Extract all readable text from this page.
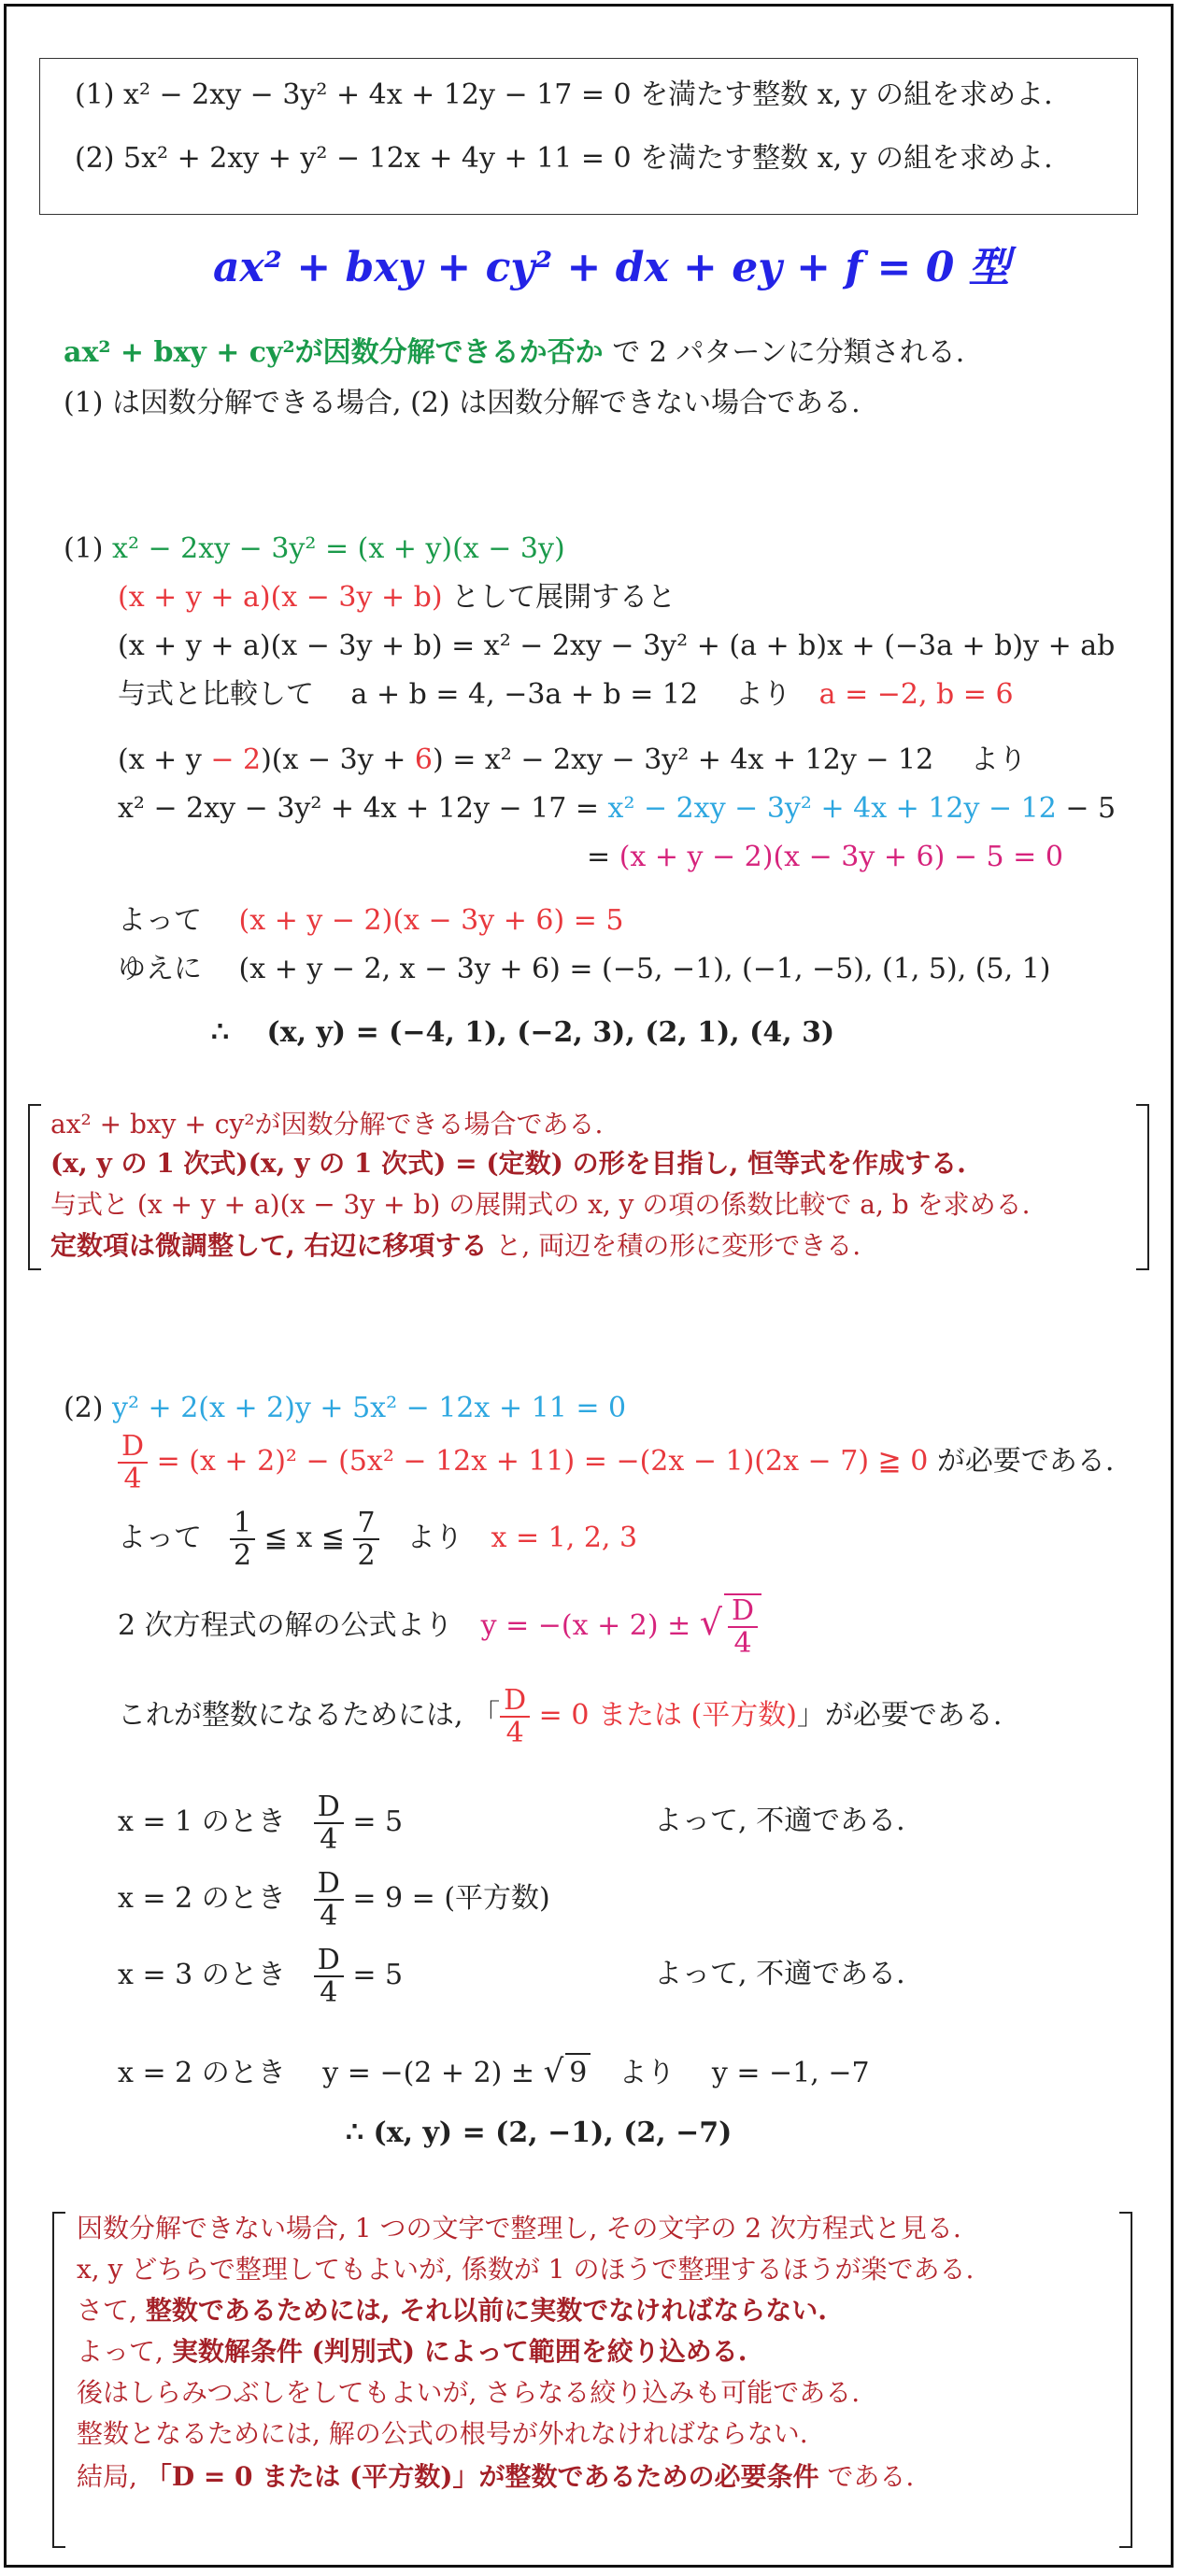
(1) x² − 2xy − 3y² + 4x + 12y − 17 = 0 を満たす整数 x, y の組を求めよ.
(2) 5x² + 2xy + y² − 12x + 4y + 11 = 0 を満たす整数 x, y の組を求めよ.
ax² + bxy + cy² + dx + ey + f = 0 型
ax² + bxy + cy²が因数分解できるか否か で 2 パターンに分類される.
(1) は因数分解できる場合, (2) は因数分解できない場合である.
(1) x² − 2xy − 3y² = (x + y)(x − 3y)
(x + y + a)(x − 3y + b) として展開すると
(x + y + a)(x − 3y + b) = x² − 2xy − 3y² + (a + b)x + (−3a + b)y + ab
与式と比較して　 a + b = 4, −3a + b = 12　 より　a = −2, b = 6
(x + y − 2)(x − 3y + 6) = x² − 2xy − 3y² + 4x + 12y − 12　 より
x² − 2xy − 3y² + 4x + 12y − 17 = x² − 2xy − 3y² + 4x + 12y − 12 − 5
= (x + y − 2)(x − 3y + 6) − 5 = 0
よって　 (x + y − 2)(x − 3y + 6) = 5
ゆえに　 (x + y − 2, x − 3y + 6) = (−5, −1), (−1, −5), (1, 5), (5, 1)
∴　 (x, y) = (−4, 1), (−2, 3), (2, 1), (4, 3)
ax² + bxy + cy²が因数分解できる場合である.
(x, y の 1 次式)(x, y の 1 次式) = (定数) の形を目指し, 恒等式を作成する.
与式と (x + y + a)(x − 3y + b) の展開式の x, y の項の係数比較で a, b を求める.
定数項は微調整して, 右辺に移項する と, 両辺を積の形に変形できる.
(2) y² + 2(x + 2)y + 5x² − 12x + 11 = 0
$\frac{D}{4} = (x + 2)^2 - (5x^2 - 12x + 11) = -(2x - 1)(2x - 7)$ ≧ 0 が必要である.
よって　 $\frac{1}{2}$ ≦ x ≦ $\frac{7}{2}$ 　より　x = 1, 2, 3
2 次方程式の解の公式より　y = −(x + 2) ± √ $\frac{D}{4}$
これが整数になるためには, 「 $\frac{D}{4} = 0$ または (平方数)」が必要である.
x = 1 のとき　 $\frac{D}{4} = 5$	よって, 不適である.
x = 2 のとき　 $\frac{D}{4} = 9$ = (平方数)
x = 3 のとき　 $\frac{D}{4} = 5$	よって, 不適である.
x = 2 のとき　 y = −(2 + 2) ± √ 9　より　 y = −1, −7
∴ (x, y) = (2, −1), (2, −7)
因数分解できない場合, 1 つの文字で整理し, その文字の 2 次方程式と見る.
x, y どちらで整理してもよいが, 係数が 1 のほうで整理するほうが楽である.
さて, 整数であるためには, それ以前に実数でなければならない.
よって, 実数解条件 (判別式) によって範囲を絞り込める.
後はしらみつぶしをしてもよいが, さらなる絞り込みも可能である.
整数となるためには, 解の公式の根号が外れなければならない.
結局, 「D = 0 または (平方数)」が整数であるための必要条件 である.
